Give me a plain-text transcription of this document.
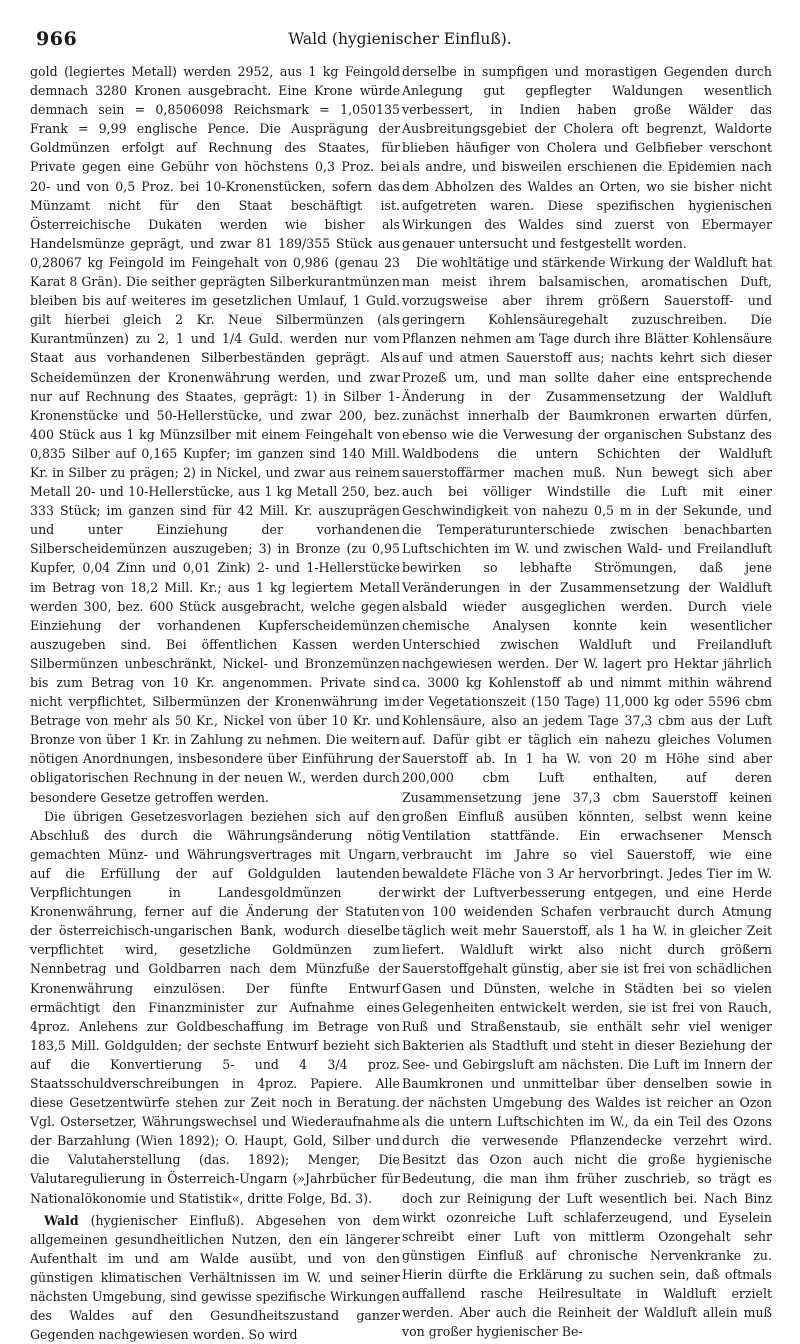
966	Wald (hygienischer Einfluß).

gold (legiertes Metall) werden 2952, aus 1 kg Feingold demnach 3280 Kronen ausgebracht. Eine Krone würde demnach sein = 0,8506098 Reichsmark = 1,050135 Frank = 9,99 englische Pence. Die Ausprägung der Goldmünzen erfolgt auf Rechnung des Staates, für Private gegen eine Gebühr von höchstens 0,3 Proz. bei 20- und von 0,5 Proz. bei 10-Kronenstücken, sofern das Münzamt nicht für den Staat beschäftigt ist. Österreichische Dukaten werden wie bisher als Handelsmünze geprägt, und zwar 81 189/355 Stück aus 0,28067 kg Feingold im Feingehalt von 0,986 (genau 23 Karat 8 Grän). Die seither geprägten Silberkurantmünzen bleiben bis auf weiteres im gesetzlichen Umlauf, 1 Guld. gilt hierbei gleich 2 Kr. Neue Silbermünzen (als Kurantmünzen) zu 2, 1 und 1/4 Guld. werden nur vom Staat aus vorhandenen Silberbeständen geprägt. Als Scheidemünzen der Kronenwährung werden, und zwar nur auf Rechnung des Staates, geprägt: 1) in Silber 1-Kronenstücke und 50-Hellerstücke, und zwar 200, bez. 400 Stück aus 1 kg Münzsilber mit einem Feingehalt von 0,835 Silber auf 0,165 Kupfer; im ganzen sind 140 Mill. Kr. in Silber zu prägen; 2) in Nickel, und zwar aus reinem Metall 20- und 10-Hellerstücke, aus 1 kg Metall 250, bez. 333 Stück; im ganzen sind für 42 Mill. Kr. auszuprägen und unter Einziehung der vorhandenen Silberscheidemünzen auszugeben; 3) in Bronze (zu 0,95 Kupfer, 0,04 Zinn und 0,01 Zink) 2- und 1-Hellerstücke im Betrag von 18,2 Mill. Kr.; aus 1 kg legiertem Metall werden 300, bez. 600 Stück ausgebracht, welche gegen Einziehung der vorhandenen Kupferscheidemünzen auszugeben sind. Bei öffentlichen Kassen werden Silbermünzen unbeschränkt, Nickel- und Bronzemünzen bis zum Betrag von 10 Kr. angenommen. Private sind nicht verpflichtet, Silbermünzen der Kronenwährung im Betrage von mehr als 50 Kr., Nickel von über 10 Kr. und Bronze von über 1 Kr. in Zahlung zu nehmen. Die weitern nötigen Anordnungen, insbesondere über Einführung der obligatorischen Rechnung in der neuen W., werden durch besondere Gesetze getroffen werden.

Die übrigen Gesetzesvorlagen beziehen sich auf den Abschluß des durch die Währungsänderung nötig gemachten Münz- und Währungsvertrages mit Ungarn, auf die Erfüllung der auf Goldgulden lautenden Verpflichtungen in Landesgoldmünzen der Kronenwährung, ferner auf die Änderung der Statuten der österreichisch-ungarischen Bank, wodurch dieselbe verpflichtet wird, gesetzliche Goldmünzen zum Nennbetrag und Goldbarren nach dem Münzfuße der Kronenwährung einzulösen. Der fünfte Entwurf ermächtigt den Finanzminister zur Aufnahme eines 4proz. Anlehens zur Goldbeschaffung im Betrage von 183,5 Mill. Goldgulden; der sechste Entwurf bezieht sich auf die Konvertierung 5- und 4 3/4 proz. Staatsschuldverschreibungen in 4proz. Papiere. Alle diese Gesetzentwürfe stehen zur Zeit noch in Beratung. Vgl. Ostersetzer, Währungswechsel und Wiederaufnahme der Barzahlung (Wien 1892); O. Haupt, Gold, Silber und die Valutaherstellung (das. 1892); Menger, Die Valutaregulierung in Österreich-Ungarn (»Jahrbücher für Nationalökonomie und Statistik«, dritte Folge, Bd. 3).

Wald (hygienischer Einfluß). Abgesehen von dem allgemeinen gesundheitlichen Nutzen, den ein längerer Aufenthalt im und am Walde ausübt, und von den günstigen klimatischen Verhältnissen im W. und seiner nächsten Umgebung, sind gewisse spezifische Wirkungen des Waldes auf den Gesundheitszustand ganzer Gegenden nachgewiesen worden. So wird

derselbe in sumpfigen und morastigen Gegenden durch Anlegung gut gepflegter Waldungen wesentlich verbessert, in Indien haben große Wälder das Ausbreitungsgebiet der Cholera oft begrenzt, Waldorte blieben häufiger von Cholera und Gelbfieber verschont als andre, und bisweilen erschienen die Epidemien nach dem Abholzen des Waldes an Orten, wo sie bisher nicht aufgetreten waren. Diese spezifischen hygienischen Wirkungen des Waldes sind zuerst von Ebermayer genauer untersucht und festgestellt worden.

Die wohltätige und stärkende Wirkung der Waldluft hat man meist ihrem balsamischen, aromatischen Duft, vorzugsweise aber ihrem größern Sauerstoff- und geringern Kohlensäuregehalt zuzuschreiben. Die Pflanzen nehmen am Tage durch ihre Blätter Kohlensäure auf und atmen Sauerstoff aus; nachts kehrt sich dieser Prozeß um, und man sollte daher eine entsprechende Änderung in der Zusammensetzung der Waldluft zunächst innerhalb der Baumkronen erwarten dürfen, ebenso wie die Verwesung der organischen Substanz des Waldbodens die untern Schichten der Waldluft sauerstoffärmer machen muß. Nun bewegt sich aber auch bei völliger Windstille die Luft mit einer Geschwindigkeit von nahezu 0,5 m in der Sekunde, und die Temperaturunterschiede zwischen benachbarten Luftschichten im W. und zwischen Wald- und Freilandluft bewirken so lebhafte Strömungen, daß jene Veränderungen in der Zusammensetzung der Waldluft alsbald wieder ausgeglichen werden. Durch viele chemische Analysen konnte kein wesentlicher Unterschied zwischen Waldluft und Freilandluft nachgewiesen werden. Der W. lagert pro Hektar jährlich ca. 3000 kg Kohlenstoff ab und nimmt mithin während der Vegetationszeit (150 Tage) 11,000 kg oder 5596 cbm Kohlensäure, also an jedem Tage 37,3 cbm aus der Luft auf. Dafür gibt er täglich ein nahezu gleiches Volumen Sauerstoff ab. In 1 ha W. von 20 m Höhe sind aber 200,000 cbm Luft enthalten, auf deren Zusammensetzung jene 37,3 cbm Sauerstoff keinen großen Einfluß ausüben könnten, selbst wenn keine Ventilation stattfände. Ein erwachsener Mensch verbraucht im Jahre so viel Sauerstoff, wie eine bewaldete Fläche von 3 Ar hervorbringt. Jedes Tier im W. wirkt der Luftverbesserung entgegen, und eine Herde von 100 weidenden Schafen verbraucht durch Atmung täglich weit mehr Sauerstoff, als 1 ha W. in gleicher Zeit liefert. Waldluft wirkt also nicht durch größern Sauerstoffgehalt günstig, aber sie ist frei von schädlichen Gasen und Dünsten, welche in Städten bei so vielen Gelegenheiten entwickelt werden, sie ist frei von Rauch, Ruß und Straßenstaub, sie enthält sehr viel weniger Bakterien als Stadtluft und steht in dieser Beziehung der See- und Gebirgsluft am nächsten. Die Luft im Innern der Baumkronen und unmittelbar über denselben sowie in der nächsten Umgebung des Waldes ist reicher an Ozon als die untern Luftschichten im W., da ein Teil des Ozons durch die verwesende Pflanzendecke verzehrt wird. Besitzt das Ozon auch nicht die große hygienische Bedeutung, die man ihm früher zuschrieb, so trägt es doch zur Reinigung der Luft wesentlich bei. Nach Binz wirkt ozonreiche Luft schlaferzeugend, und Eyselein schreibt einer Luft von mittlerm Ozongehalt sehr günstigen Einfluß auf chronische Nervenkranke zu. Hierin dürfte die Erklärung zu suchen sein, daß oftmals auffallend rasche Heilresultate in Waldluft erzielt werden. Aber auch die Reinheit der Waldluft allein muß von großer hygienischer Be-
